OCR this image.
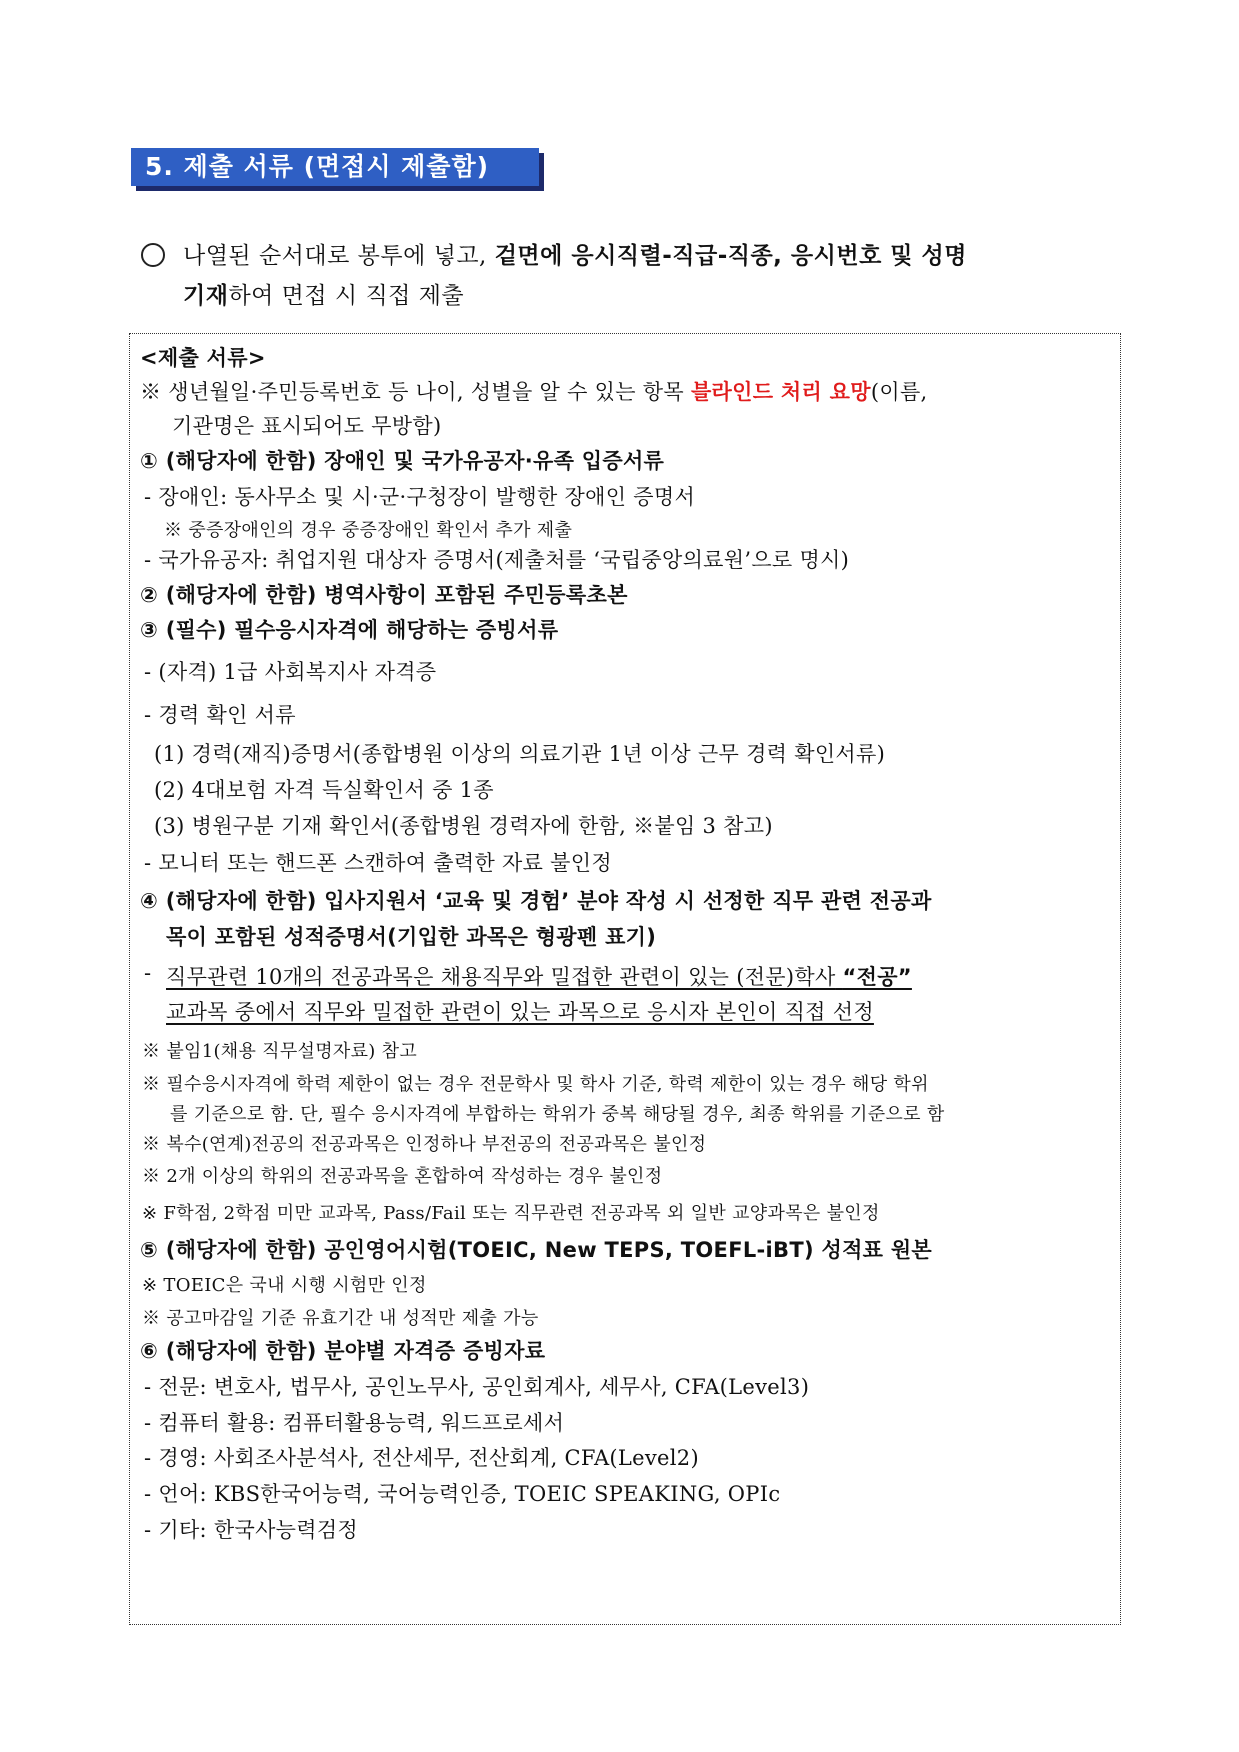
5. 제출 서류 (면접시 제출함)
나열된 순서대로 봉투에 넣고, 겉면에 응시직렬-직급-직종, 응시번호 및 성명
기재하여 면접 시 직접 제출
<제출 서류>
※ 생년월일·주민등록번호 등 나이, 성별을 알 수 있는 항목 블라인드 처리 요망(이름,
기관명은 표시되어도 무방함)
① (해당자에 한함) 장애인 및 국가유공자·유족 입증서류
- 장애인: 동사무소 및 시·군·구청장이 발행한 장애인 증명서
※ 중증장애인의 경우 중증장애인 확인서 추가 제출
- 국가유공자: 취업지원 대상자 증명서(제출처를 ‘국립중앙의료원’으로 명시)
② (해당자에 한함) 병역사항이 포함된 주민등록초본
③ (필수) 필수응시자격에 해당하는 증빙서류
- (자격) 1급 사회복지사 자격증
- 경력 확인 서류
(1) 경력(재직)증명서(종합병원 이상의 의료기관 1년 이상 근무 경력 확인서류)
(2) 4대보험 자격 득실확인서 중 1종
(3) 병원구분 기재 확인서(종합병원 경력자에 한함, ※붙임 3 참고)
- 모니터 또는 핸드폰 스캔하여 출력한 자료 불인정
④ (해당자에 한함) 입사지원서 ‘교육 및 경험’ 분야 작성 시 선정한 직무 관련 전공과
목이 포함된 성적증명서(기입한 과목은 형광펜 표기)
- 직무관련 10개의 전공과목은 채용직무와 밀접한 관련이 있는 (전문)학사 “전공”
교과목 중에서 직무와 밀접한 관련이 있는 과목으로 응시자 본인이 직접 선정
※ 붙임1(채용 직무설명자료) 참고
※ 필수응시자격에 학력 제한이 없는 경우 전문학사 및 학사 기준, 학력 제한이 있는 경우 해당 학위
를 기준으로 함. 단, 필수 응시자격에 부합하는 학위가 중복 해당될 경우, 최종 학위를 기준으로 함
※ 복수(연계)전공의 전공과목은 인정하나 부전공의 전공과목은 불인정
※ 2개 이상의 학위의 전공과목을 혼합하여 작성하는 경우 불인정
※ F학점, 2학점 미만 교과목, Pass/Fail 또는 직무관련 전공과목 외 일반 교양과목은 불인정
⑤ (해당자에 한함) 공인영어시험(TOEIC, New TEPS, TOEFL-iBT) 성적표 원본
※ TOEIC은 국내 시행 시험만 인정
※ 공고마감일 기준 유효기간 내 성적만 제출 가능
⑥ (해당자에 한함) 분야별 자격증 증빙자료
- 전문: 변호사, 법무사, 공인노무사, 공인회계사, 세무사, CFA(Level3)
- 컴퓨터 활용: 컴퓨터활용능력, 워드프로세서
- 경영: 사회조사분석사, 전산세무, 전산회계, CFA(Level2)
- 언어: KBS한국어능력, 국어능력인증, TOEIC SPEAKING, OPIc
- 기타: 한국사능력검정
